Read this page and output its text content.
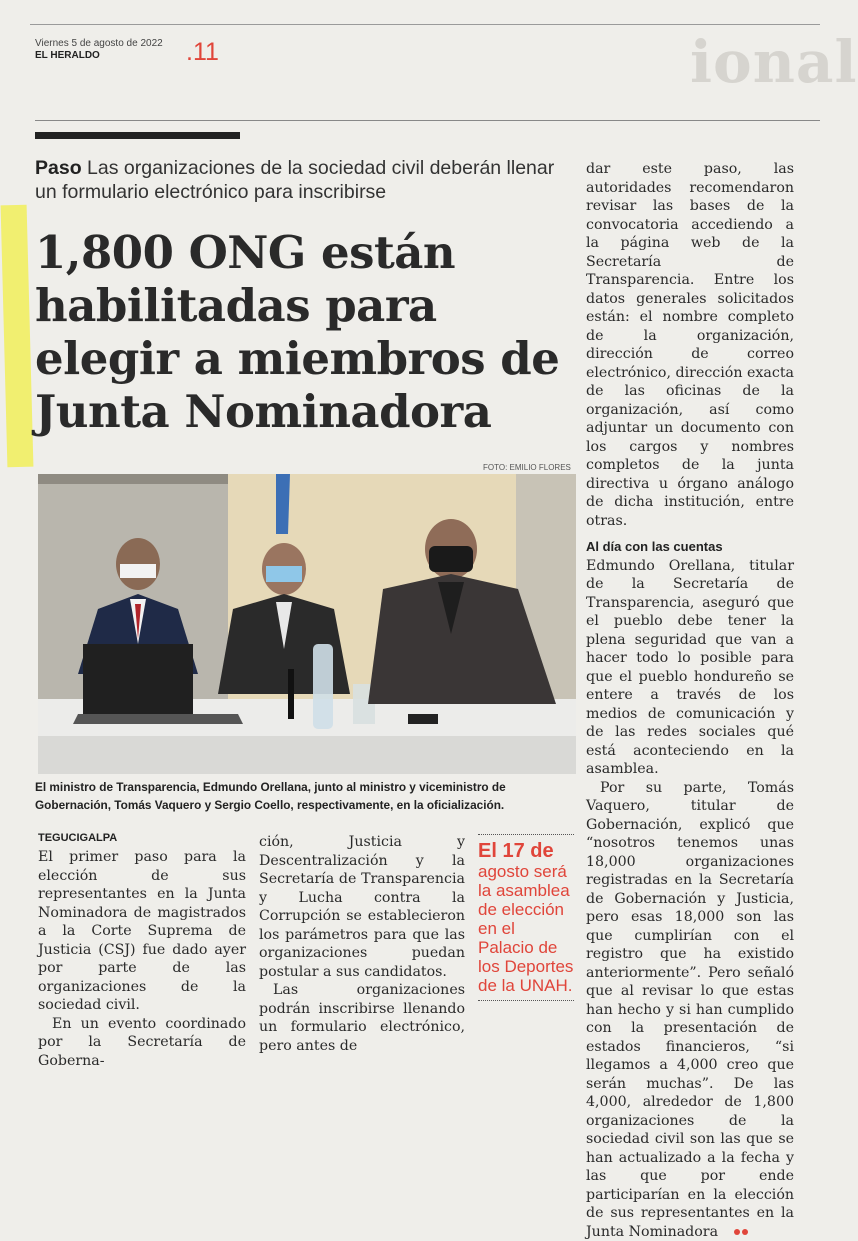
ional
Viernes 5 de agosto de 2022
EL HERALDO	.11
Paso Las organizaciones de la sociedad civil deberán llenar un formulario electrónico para inscribirse
1,800 ONG están habilitadas para elegir a miembros de Junta Nominadora
FOTO: EMILIO FLORES
El ministro de Transparencia, Edmundo Orellana, junto al ministro y viceministro de Gobernación, Tomás Vaquero y Sergio Coello, respectivamente, en la oficialización.
TEGUCIGALPA

El primer paso para la elección de sus representantes en la Junta Nominadora de magistrados a la Corte Suprema de Justicia (CSJ) fue dado ayer por parte de las organizaciones de la sociedad civil.

En un evento coordinado por la Secretaría de Goberna-

ción, Justicia y Descentralización y la Secretaría de Transparencia y Lucha contra la Corrupción se establecieron los parámetros para que las organizaciones puedan postular a sus candidatos.

Las organizaciones podrán inscribirse llenando un formulario electrónico, pero antes de

El 17 de
agosto será la asamblea de elección en el Palacio de los Deportes de la UNAH.

dar este paso, las autoridades recomendaron revisar las bases de la convocatoria accediendo a la página web de la Secretaría de Transparencia. Entre los datos generales solicitados están: el nombre completo de la organización, dirección de correo electrónico, dirección exacta de las oficinas de la organización, así como adjuntar un documento con los cargos y nombres completos de la junta directiva u órgano análogo de dicha institución, entre otras.

Al día con las cuentas

Edmundo Orellana, titular de la Secretaría de Transparencia, aseguró que el pueblo debe tener la plena seguridad que van a hacer todo lo posible para que el pueblo hondureño se entere a través de los medios de comunicación y de las redes sociales qué está aconteciendo en la asamblea.

Por su parte, Tomás Vaquero, titular de Gobernación, explicó que “nosotros tenemos unas 18,000 organizaciones registradas en la Secretaría de Gobernación y Justicia, pero esas 18,000 son las que cumplirían con el registro que ha existido anteriormente”. Pero señaló que al revisar lo que estas han hecho y si han cumplido con la presentación de estados financieros, “si llegamos a 4,000 creo que serán muchas”. De las 4,000, alrededor de 1,800 organizaciones de la sociedad civil son las que se han actualizado a la fecha y las que por ende participarían en la elección de sus representantes en la Junta Nominadora
